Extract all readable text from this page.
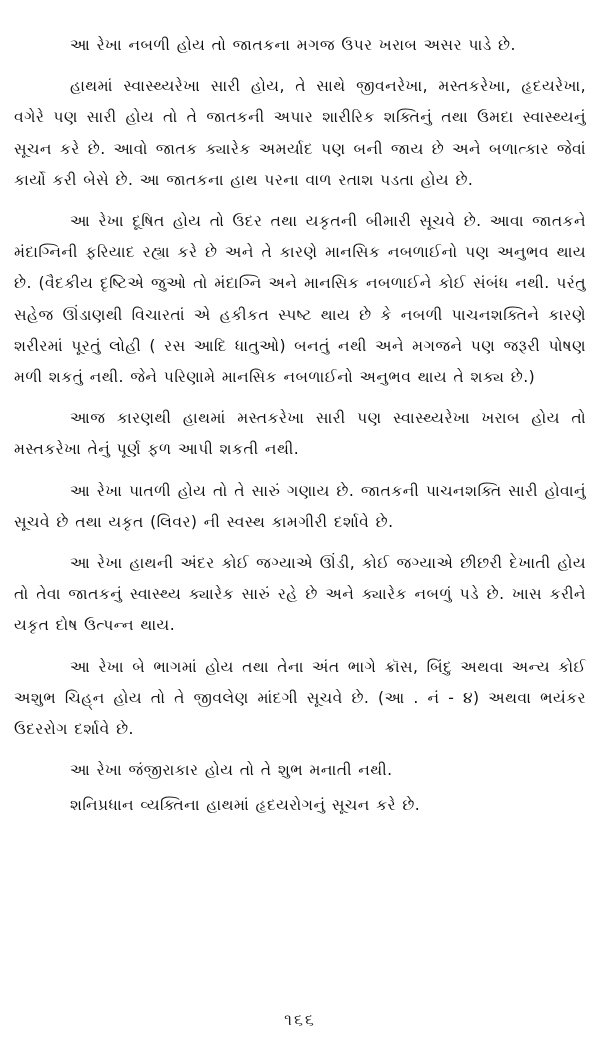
આ રેખા નબળી હોય તો જાતકના મગજ ઉપર ખરાબ અસર પાડે છે.

હાથમાં સ્વાસ્થ્યરેખા સારી હોય, તે સાથે જીવનરેખા, મસ્તકરેખા, હૃદયરેખા, વગેરે પણ સારી હોય તો તે જાતકની અપાર શારીરિક શક્તિનું તથા ઉમદા સ્વાસ્થ્યનું સૂચન કરે છે. આવો જાતક ક્યારેક અમર્યાદ પણ બની જાય છે અને બળાત્કાર જેવાં કાર્યો કરી બેસે છે. આ જાતકના હાથ પરના વાળ રતાશ પડતા હોય છે.

આ રેખા દૂષિત હોય તો ઉદર તથા યકૃતની બીમારી સૂચવે છે. આવા જાતકને મંદાગ્નિની ફરિયાદ રહ્યા કરે છે અને તે કારણે માનસિક નબળાઈનો પણ અનુભવ થાય છે. (વૈદકીય દૃષ્ટિએ જુઓ તો મંદાગ્નિ અને માનસિક નબળાઈને કોઈ સંબંધ નથી. પરંતુ સહેજ ઊંડાણથી વિચારતાં એ હકીકત સ્પષ્ટ થાય છે કે નબળી પાચનશક્તિને કારણે શરીરમાં પૂરતું લોહી ( રસ આદિ ધાતુઓ) બનતું નથી અને મગજને પણ જરૂરી પોષણ મળી શકતું નથી. જેને પરિણામે માનસિક નબળાઈનો અનુભવ થાય તે શક્ય છે.)

આજ કારણથી હાથમાં મસ્તકરેખા સારી પણ સ્વાસ્થ્યરેખા ખરાબ હોય તો મસ્તકરેખા તેનું પૂર્ણ ફળ આપી શકતી નથી.

આ રેખા પાતળી હોય તો તે સારું ગણાય છે. જાતકની પાચનશક્તિ સારી હોવાનું સૂચવે છે તથા યકૃત (લિવર) ની સ્વસ્થ કામગીરી દર્શાવે છે.

આ રેખા હાથની અંદર કોઈ જગ્યાએ ઊંડી, કોઈ જગ્યાએ છીછરી દેખાતી હોય તો તેવા જાતકનું સ્વાસ્થ્ય ક્યારેક સારું રહે છે અને ક્યારેક નબળું પડે છે. ખાસ કરીને યકૃત દોષ ઉત્પન્ન થાય.

આ રેખા બે ભાગમાં હોય તથા તેના અંત ભાગે ક્રૉસ, બિંદુ અથવા અન્ય કોઈ અશુભ ચિહ્‌ન હોય તો તે જીવલેણ માંદગી સૂચવે છે. (આ . નં - ૪) અથવા ભયંકર ઉદરરોગ દર્શાવે છે.

આ રેખા જંજીરાકાર હોય તો તે શુભ મનાતી નથી.

શનિપ્રધાન વ્યક્તિના હાથમાં હૃદયરોગનું સૂચન કરે છે.

૧૬૬
